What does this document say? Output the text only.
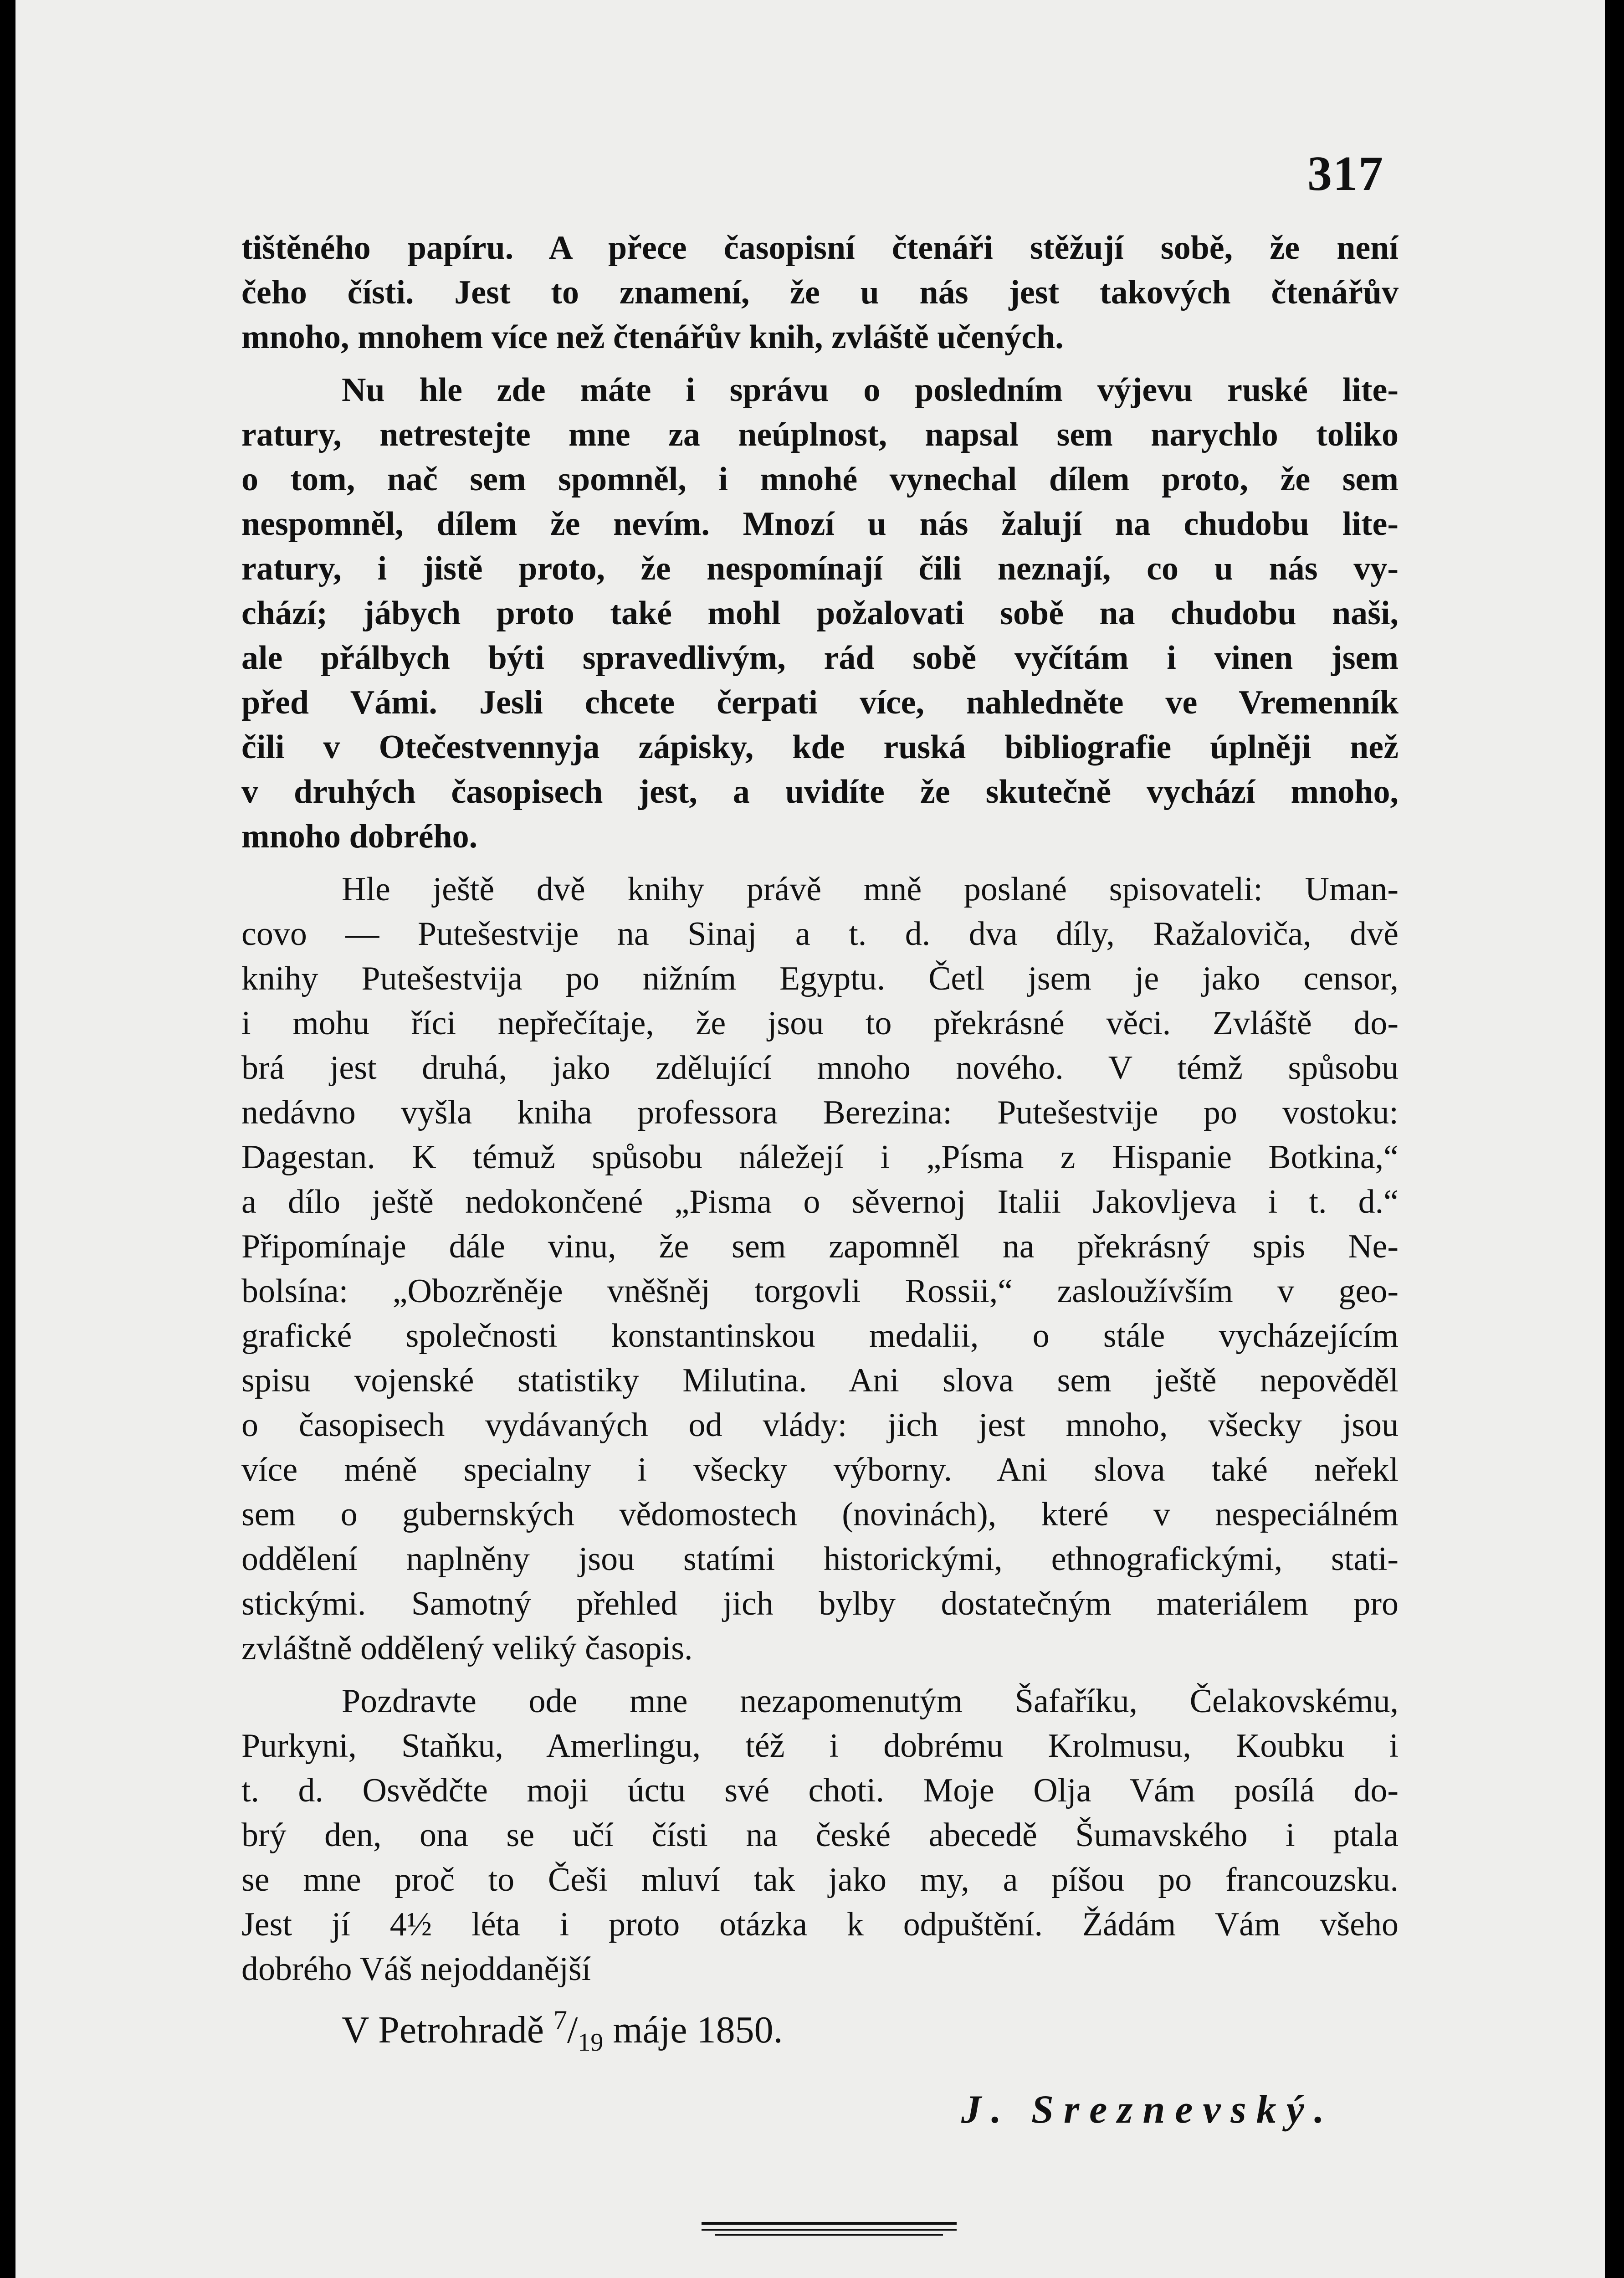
317

tištěného papíru. A přece časopisní čtenáři stěžují sobě, že není
čeho čísti. Jest to znamení, že u nás jest takových čtenářův
mnoho, mnohem více než čtenářův knih, zvláště učených.
Nu hle zde máte i správu o posledním výjevu ruské lite-
ratury, netrestejte mne za neúplnost, napsal sem narychlo toliko
o tom, nač sem spomněl, i mnohé vynechal dílem proto, že sem
nespomněl, dílem že nevím. Mnozí u nás žalují na chudobu lite-
ratury, i jistě proto, že nespomínají čili neznají, co u nás vy-
chází; jábych proto také mohl požalovati sobě na chudobu naši,
ale přálbych býti spravedlivým, rád sobě vyčítám i vinen jsem
před Vámi. Jesli chcete čerpati více, nahledněte ve Vremenník
čili v Otečestvennyja zápisky, kde ruská bibliografie úplněji než
v druhých časopisech jest, a uvidíte že skutečně vychází mnoho,
mnoho dobrého.
Hle ještě dvě knihy právě mně poslané spisovateli: Uman-
covo — Putešestvije na Sinaj a t. d. dva díly, Ražaloviča, dvě
knihy Putešestvija po nižním Egyptu. Četl jsem je jako censor,
i mohu říci nepřečítaje, že jsou to překrásné věci. Zvláště do-
brá jest druhá, jako zdělující mnoho nového. V témž spůsobu
nedávno vyšla kniha professora Berezina: Putešestvije po vostoku:
Dagestan. K témuž spůsobu náležejí i „Písma z Hispanie Botkina,“
a dílo ještě nedokončené „Pisma o sěvernoj Italii Jakovljeva i t. d.“
Připomínaje dále vinu, že sem zapomněl na překrásný spis Ne-
bolsína: „Obozrěněje vněšněj torgovli Rossii,“ zasloužívším v geo-
grafické společnosti konstantinskou medalii, o stále vycházejícím
spisu vojenské statistiky Milutina. Ani slova sem ještě nepověděl
o časopisech vydávaných od vlády: jich jest mnoho, všecky jsou
více méně specialny i všecky výborny. Ani slova také neřekl
sem o gubernských vědomostech (novinách), které v nespeciálném
oddělení naplněny jsou statími historickými, ethnografickými, stati-
stickými. Samotný přehled jich bylby dostatečným materiálem pro
zvláštně oddělený veliký časopis.
Pozdravte ode mne nezapomenutým Šafaříku, Čelakovskému,
Purkyni, Staňku, Amerlingu, též i dobrému Krolmusu, Koubku i
t. d. Osvědčte moji úctu své choti. Moje Olja Vám posílá do-
brý den, ona se učí čísti na české abecedě Šumavského i ptala
se mne proč to Češi mluví tak jako my, a píšou po francouzsku.
Jest jí 4½ léta i proto otázka k odpuštění. Žádám Vám všeho
dobrého Váš nejoddanější

V Petrohradě $^7/_{19}$ máje 1850.

J. Sreznevský.
